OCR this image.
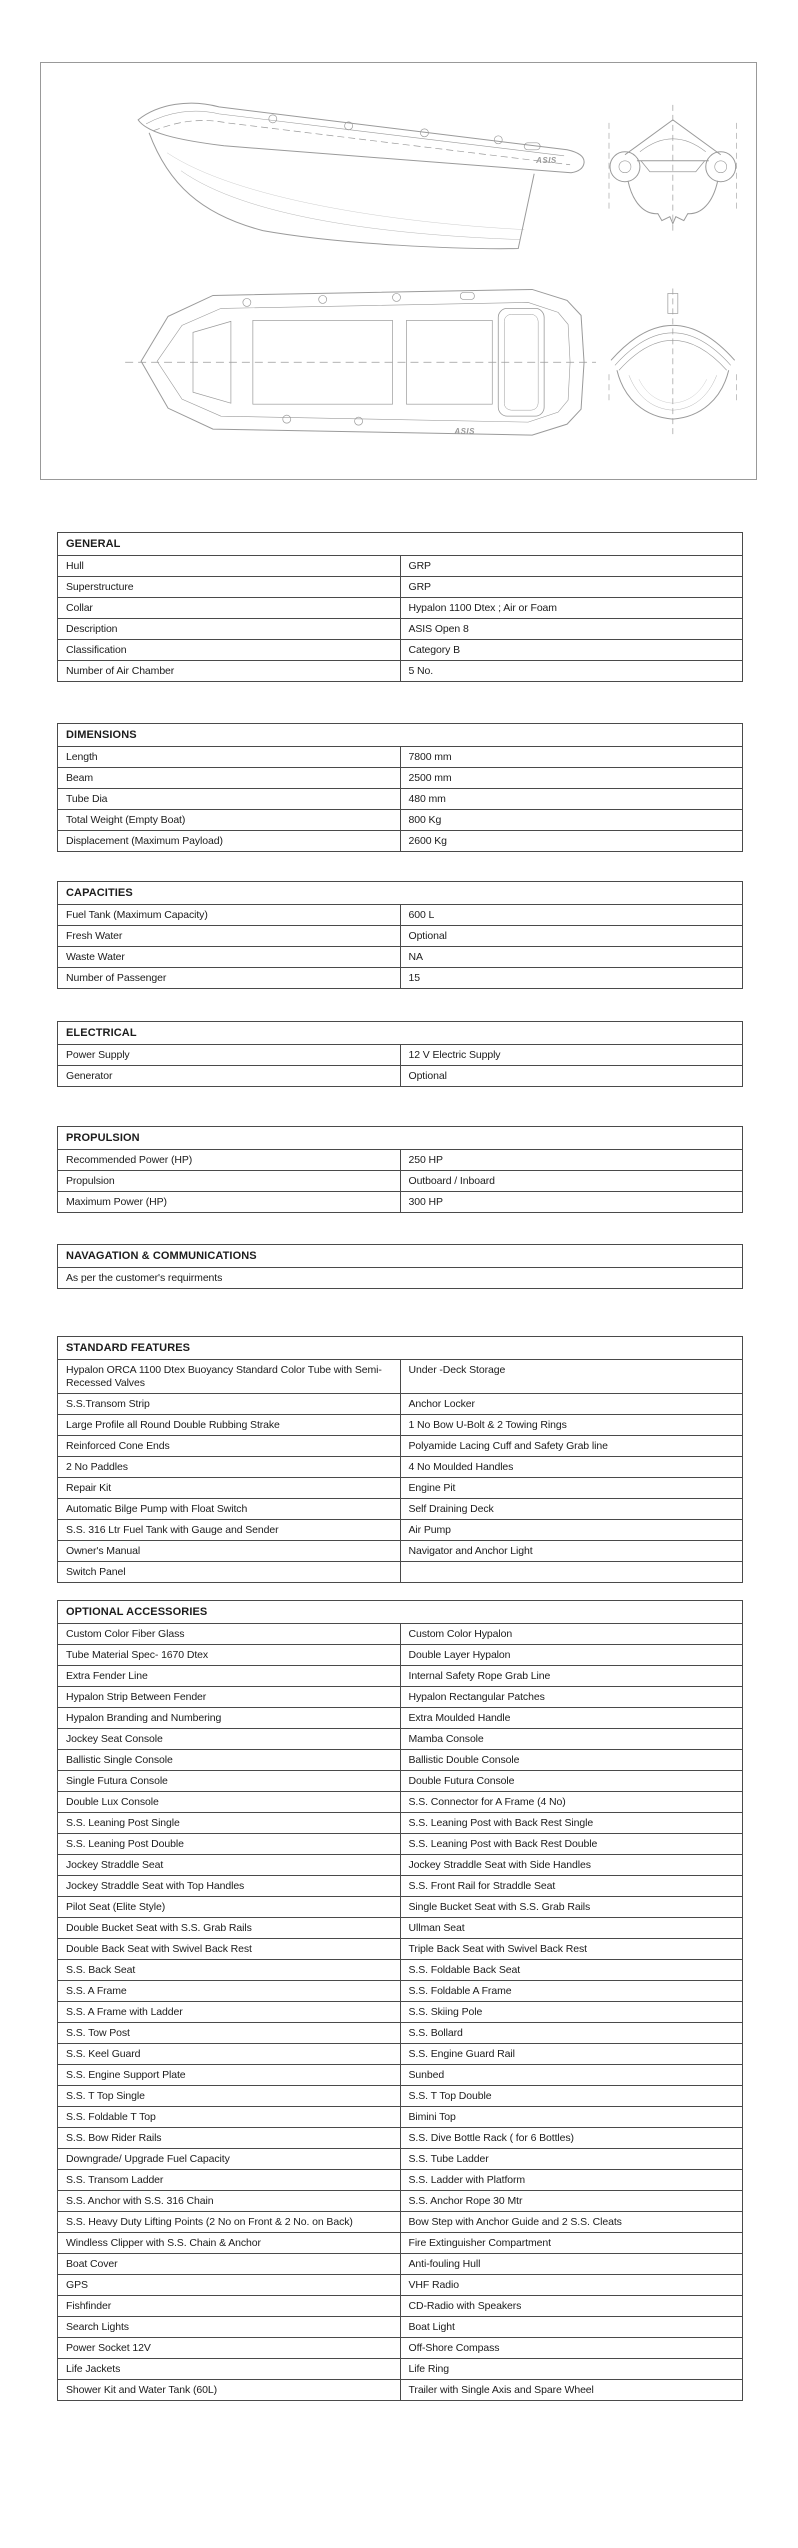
ASIS
ASIS
GENERAL	
Hull	GRP
Superstructure	GRP
Collar	Hypalon 1100 Dtex ; Air or Foam
Description	ASIS Open 8
Classification	Category B
Number of Air Chamber	5 No.
DIMENSIONS	
Length	7800 mm
Beam	2500 mm
Tube Dia	480 mm
Total Weight (Empty Boat)	800 Kg
Displacement (Maximum Payload)	2600 Kg
CAPACITIES	
Fuel Tank (Maximum Capacity)	600 L
Fresh Water	Optional
Waste Water	NA
Number of Passenger	15
ELECTRICAL	
Power Supply	12 V Electric Supply
Generator	Optional
PROPULSION	
Recommended Power (HP)	250 HP
Propulsion	Outboard / Inboard
Maximum Power (HP)	300 HP
NAVAGATION & COMMUNICATIONS
As per the customer's requirments
STANDARD FEATURES	
Hypalon ORCA 1100 Dtex Buoyancy Standard Color Tube with Semi-Recessed Valves	Under -Deck Storage
S.S.Transom Strip	Anchor Locker
Large Profile all Round Double Rubbing Strake	1 No Bow U-Bolt & 2 Towing Rings
Reinforced Cone Ends	Polyamide Lacing Cuff and Safety Grab line
2 No Paddles	4 No Moulded Handles
Repair Kit	Engine Pit
Automatic Bilge Pump with Float Switch	Self Draining Deck
S.S. 316 Ltr Fuel Tank with Gauge and Sender	Air Pump
Owner's Manual	Navigator and Anchor Light
Switch Panel	
OPTIONAL ACCESSORIES	
Custom Color Fiber Glass	Custom Color Hypalon
Tube Material Spec- 1670 Dtex	Double Layer Hypalon
Extra Fender Line	Internal Safety Rope Grab Line
Hypalon Strip Between Fender	Hypalon Rectangular Patches
Hypalon Branding and Numbering	Extra Moulded Handle
Jockey Seat Console	Mamba Console
Ballistic Single Console	Ballistic Double Console
Single Futura Console	Double Futura Console
Double Lux Console	S.S. Connector for A Frame (4 No)
S.S. Leaning Post Single	S.S. Leaning Post with Back Rest Single
S.S. Leaning Post Double	S.S. Leaning Post with Back Rest Double
Jockey Straddle Seat	Jockey Straddle Seat with Side Handles
Jockey Straddle Seat with Top Handles	S.S. Front Rail for Straddle Seat
Pilot Seat (Elite Style)	Single Bucket Seat with S.S. Grab Rails
Double Bucket Seat with S.S. Grab Rails	Ullman Seat
Double Back Seat with Swivel Back Rest	Triple Back Seat with Swivel Back Rest
S.S. Back Seat	S.S. Foldable Back Seat
S.S. A Frame	S.S. Foldable A Frame
S.S. A Frame with Ladder	S.S. Skiing Pole
S.S. Tow Post	S.S. Bollard
S.S. Keel Guard	S.S. Engine Guard Rail
S.S. Engine Support Plate	Sunbed
S.S. T Top Single	S.S. T Top Double
S.S. Foldable T Top	Bimini Top
S.S. Bow Rider Rails	S.S. Dive Bottle Rack ( for 6 Bottles)
Downgrade/ Upgrade Fuel Capacity	S.S. Tube Ladder
S.S. Transom Ladder	S.S. Ladder with Platform
S.S. Anchor with S.S. 316 Chain	S.S. Anchor Rope 30 Mtr
S.S. Heavy Duty Lifting Points (2 No on Front & 2 No. on Back)	Bow Step with Anchor Guide and 2 S.S. Cleats
Windless Clipper with S.S. Chain & Anchor	Fire Extinguisher Compartment
Boat Cover	Anti-fouling Hull
GPS	VHF Radio
Fishfinder	CD-Radio with Speakers
Search Lights	Boat Light
Power Socket 12V	Off-Shore Compass
Life Jackets	Life Ring
Shower Kit and Water Tank (60L)	Trailer with Single Axis and Spare Wheel
